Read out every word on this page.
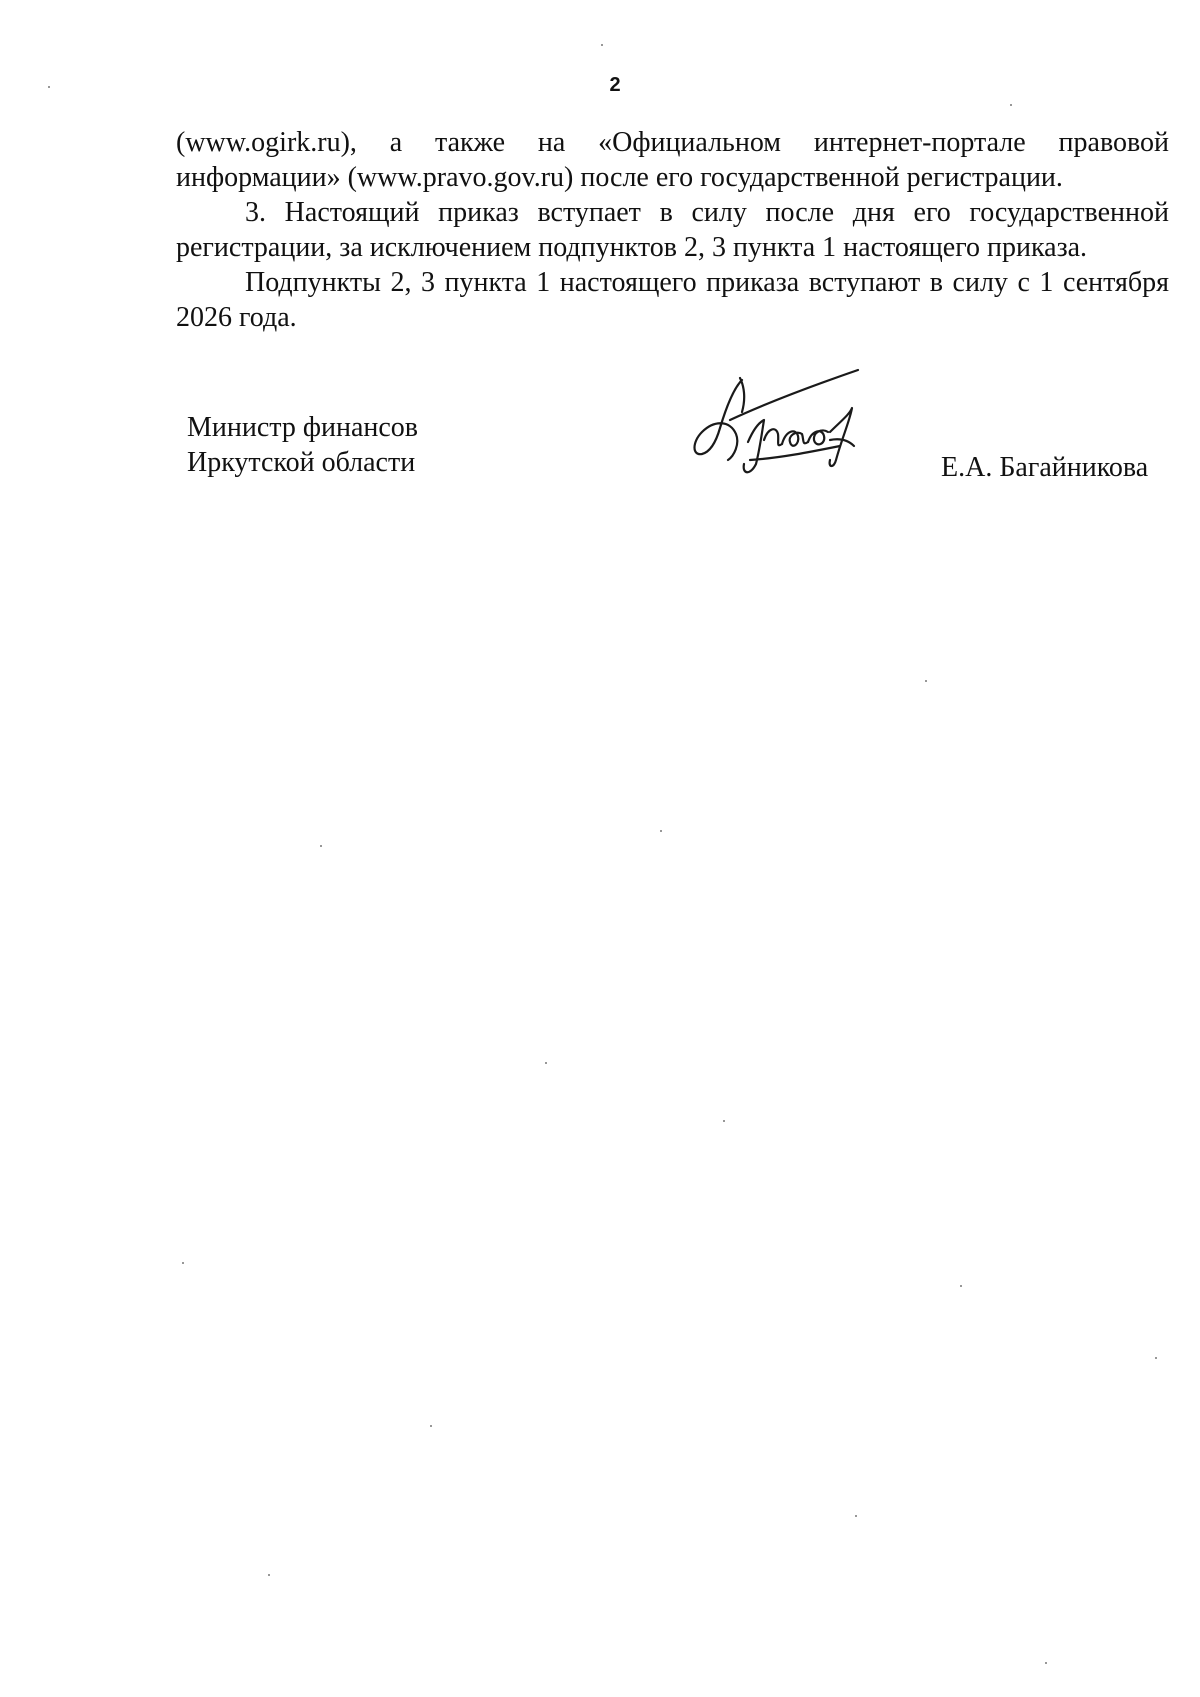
2

(www.ogirk.ru), а также на «Официальном интернет-портале правовой информации» (www.pravo.gov.ru) после его государственной регистрации.

3. Настоящий приказ вступает в силу после дня его государственной регистрации, за исключением подпунктов 2, 3 пункта 1 настоящего приказа.

Подпункты 2, 3 пункта 1 настоящего приказа вступают в силу с 1 сентября 2026 года.

Министр финансов
Иркутской области	Е.А. Багайникова
